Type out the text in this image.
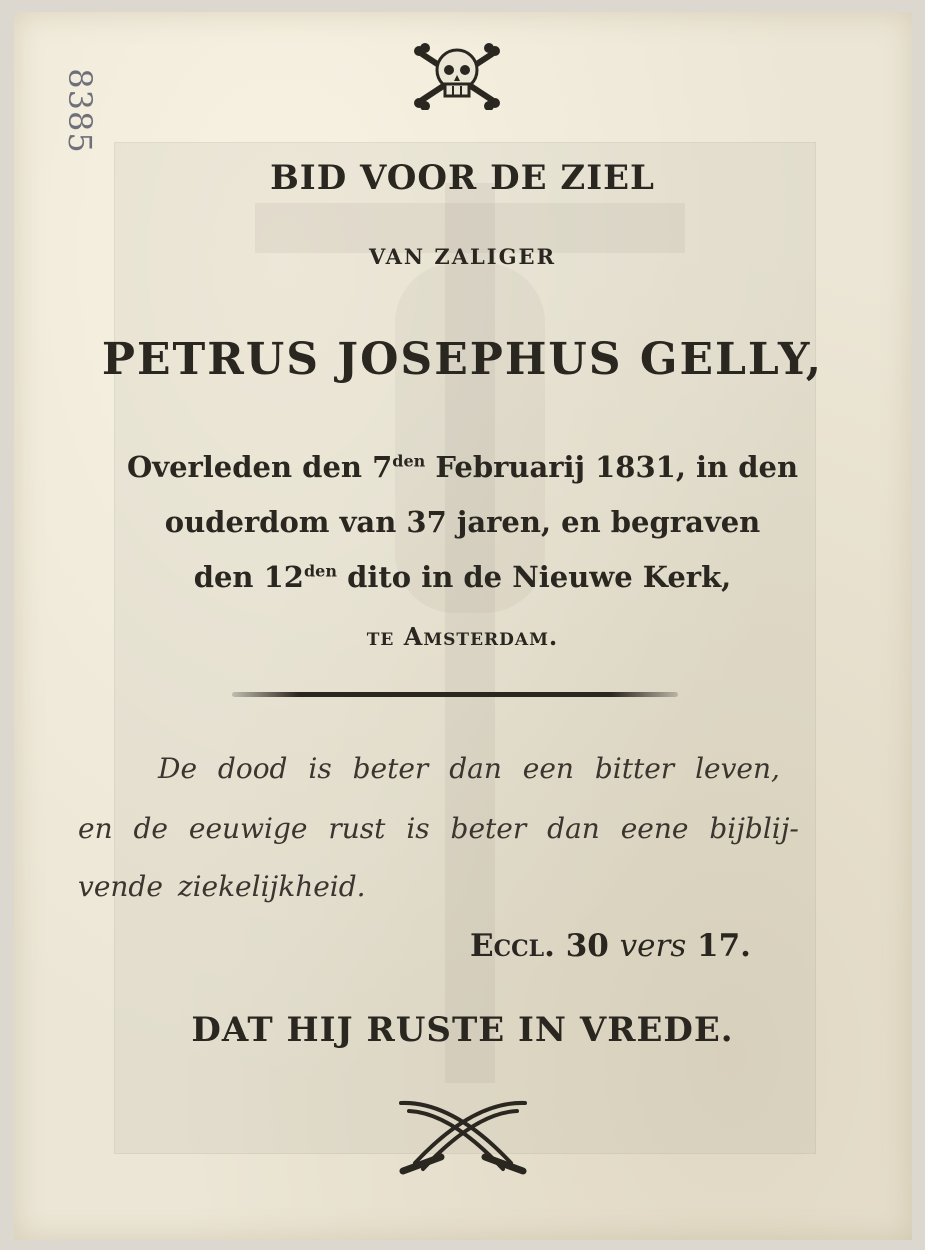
8385
BID VOOR DE ZIEL
VAN ZALIGER
PETRUS JOSEPHUS GELLY,
Overleden den $7^{den}$ Februarij 1831, in den
ouderdom van 37 jaren, en begraven
den $12^{den}$ dito in de Nieuwe Kerk,
te Amsterdam.
De dood is beter dan een bitter leven,
en de eeuwige rust is beter dan eene bijblij-
vende ziekelijkheid.
Eccl. 30 vers 17.
DAT HIJ RUSTE IN VREDE.
